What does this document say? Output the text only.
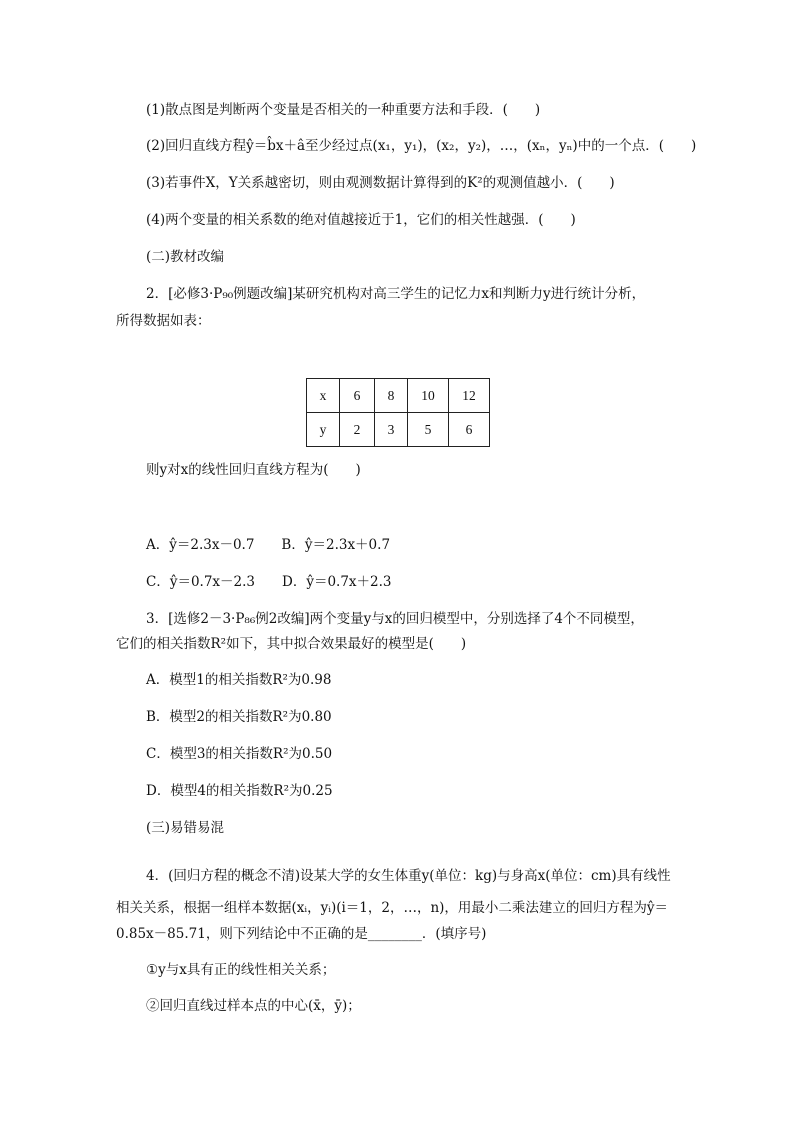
(1)散点图是判断两个变量是否相关的一种重要方法和手段．(　　)
(2)回归直线方程ŷ＝b̂x＋â至少经过点(x₁，y₁)，(x₂，y₂)，…，(xₙ，yₙ)中的一个点．(　　)
(3)若事件X，Y关系越密切，则由观测数据计算得到的K²的观测值越小．(　　)
(4)两个变量的相关系数的绝对值越接近于1，它们的相关性越强．(　　)
(二)教材改编
2．[必修3·P₉₀例题改编]某研究机构对高三学生的记忆力x和判断力y进行统计分析，
所得数据如表：
x	6	8	10	12
y	2	3	5	6
则y对x的线性回归直线方程为(　　)
A．ŷ＝2.3x－0.7　　B．ŷ＝2.3x＋0.7
C．ŷ＝0.7x－2.3　　D．ŷ＝0.7x＋2.3
3．[选修2－3·P₈₆例2改编]两个变量y与x的回归模型中，分别选择了4个不同模型，
它们的相关指数R²如下，其中拟合效果最好的模型是(　　)
A．模型1的相关指数R²为0.98
B．模型2的相关指数R²为0.80
C．模型3的相关指数R²为0.50
D．模型4的相关指数R²为0.25
(三)易错易混
4．(回归方程的概念不清)设某大学的女生体重y(单位：kg)与身高x(单位：cm)具有线性
相关关系，根据一组样本数据(xᵢ，yᵢ)(i＝1，2，…，n)，用最小二乘法建立的回归方程为ŷ＝
0.85x－85.71，则下列结论中不正确的是________．(填序号)
①y与x具有正的线性相关关系；
②回归直线过样本点的中心(x̄，ȳ)；
